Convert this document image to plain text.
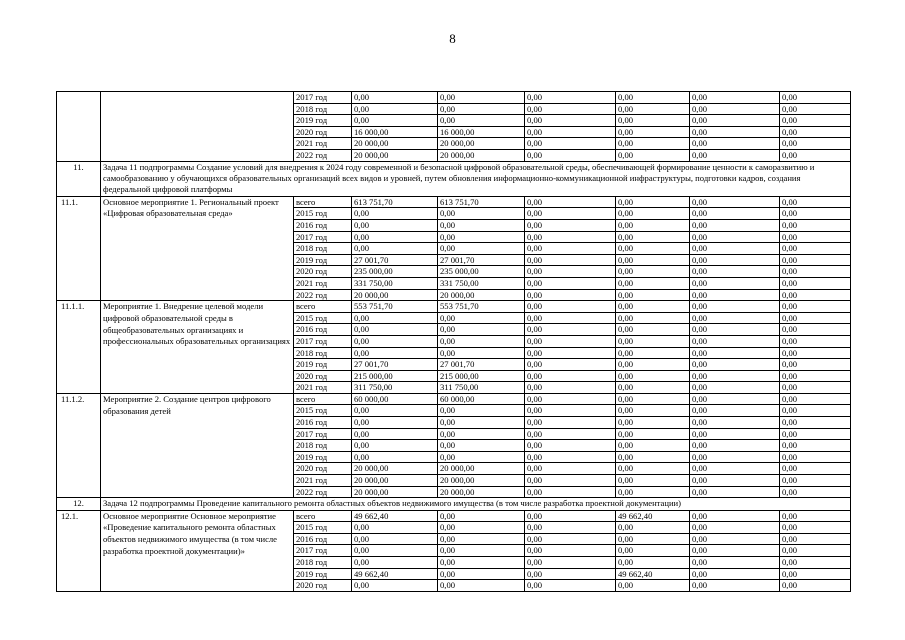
8
		2017 год	0,00	0,00	0,00	0,00	0,00	0,00
		2018 год	0,00	0,00	0,00	0,00	0,00	0,00
		2019 год	0,00	0,00	0,00	0,00	0,00	0,00
		2020 год	16 000,00	16 000,00	0,00	0,00	0,00	0,00
		2021 год	20 000,00	20 000,00	0,00	0,00	0,00	0,00
		2022 год	20 000,00	20 000,00	0,00	0,00	0,00	0,00
11.	Задача 11 подпрограммы Создание условий для внедрения к 2024 году современной и безопасной цифровой образовательной среды, обеспечивающей формирование ценности к саморазвитию и самообразованию у обучающихся образовательных организаций всех видов и уровней, путем обновления информационно-коммуникационной инфраструктуры, подготовки кадров, создания федеральной цифровой платформы							
11.1.	Основное мероприятие 1. Региональный проект «Цифровая образовательная среда»	всего	613 751,70	613 751,70	0,00	0,00	0,00	0,00
		2015 год	0,00	0,00	0,00	0,00	0,00	0,00
		2016 год	0,00	0,00	0,00	0,00	0,00	0,00
		2017 год	0,00	0,00	0,00	0,00	0,00	0,00
		2018 год	0,00	0,00	0,00	0,00	0,00	0,00
		2019 год	27 001,70	27 001,70	0,00	0,00	0,00	0,00
		2020 год	235 000,00	235 000,00	0,00	0,00	0,00	0,00
		2021 год	331 750,00	331 750,00	0,00	0,00	0,00	0,00
		2022 год	20 000,00	20 000,00	0,00	0,00	0,00	0,00
11.1.1.	Мероприятие 1. Внедрение целевой модели цифровой образовательной среды в общеобразовательных организациях и профессиональных образовательных организациях	всего	553 751,70	553 751,70	0,00	0,00	0,00	0,00
		2015 год	0,00	0,00	0,00	0,00	0,00	0,00
		2016 год	0,00	0,00	0,00	0,00	0,00	0,00
		2017 год	0,00	0,00	0,00	0,00	0,00	0,00
		2018 год	0,00	0,00	0,00	0,00	0,00	0,00
		2019 год	27 001,70	27 001,70	0,00	0,00	0,00	0,00
		2020 год	215 000,00	215 000,00	0,00	0,00	0,00	0,00
		2021 год	311 750,00	311 750,00	0,00	0,00	0,00	0,00
11.1.2.	Мероприятие 2. Создание центров цифрового образования детей	всего	60 000,00	60 000,00	0,00	0,00	0,00	0,00
		2015 год	0,00	0,00	0,00	0,00	0,00	0,00
		2016 год	0,00	0,00	0,00	0,00	0,00	0,00
		2017 год	0,00	0,00	0,00	0,00	0,00	0,00
		2018 год	0,00	0,00	0,00	0,00	0,00	0,00
		2019 год	0,00	0,00	0,00	0,00	0,00	0,00
		2020 год	20 000,00	20 000,00	0,00	0,00	0,00	0,00
		2021 год	20 000,00	20 000,00	0,00	0,00	0,00	0,00
		2022 год	20 000,00	20 000,00	0,00	0,00	0,00	0,00
12.	Задача 12 подпрограммы Проведение капитального ремонта областных объектов недвижимого имущества (в том числе разработка проектной документации)							
12.1.	Основное мероприятие Основное мероприятие «Проведение капитального ремонта областных объектов недвижимого имущества (в том числе разработка проектной документации)»	всего	49 662,40	0,00	0,00	49 662,40	0,00	0,00
		2015 год	0,00	0,00	0,00	0,00	0,00	0,00
		2016 год	0,00	0,00	0,00	0,00	0,00	0,00
		2017 год	0,00	0,00	0,00	0,00	0,00	0,00
		2018 год	0,00	0,00	0,00	0,00	0,00	0,00
		2019 год	49 662,40	0,00	0,00	49 662,40	0,00	0,00
		2020 год	0,00	0,00	0,00	0,00	0,00	0,00
